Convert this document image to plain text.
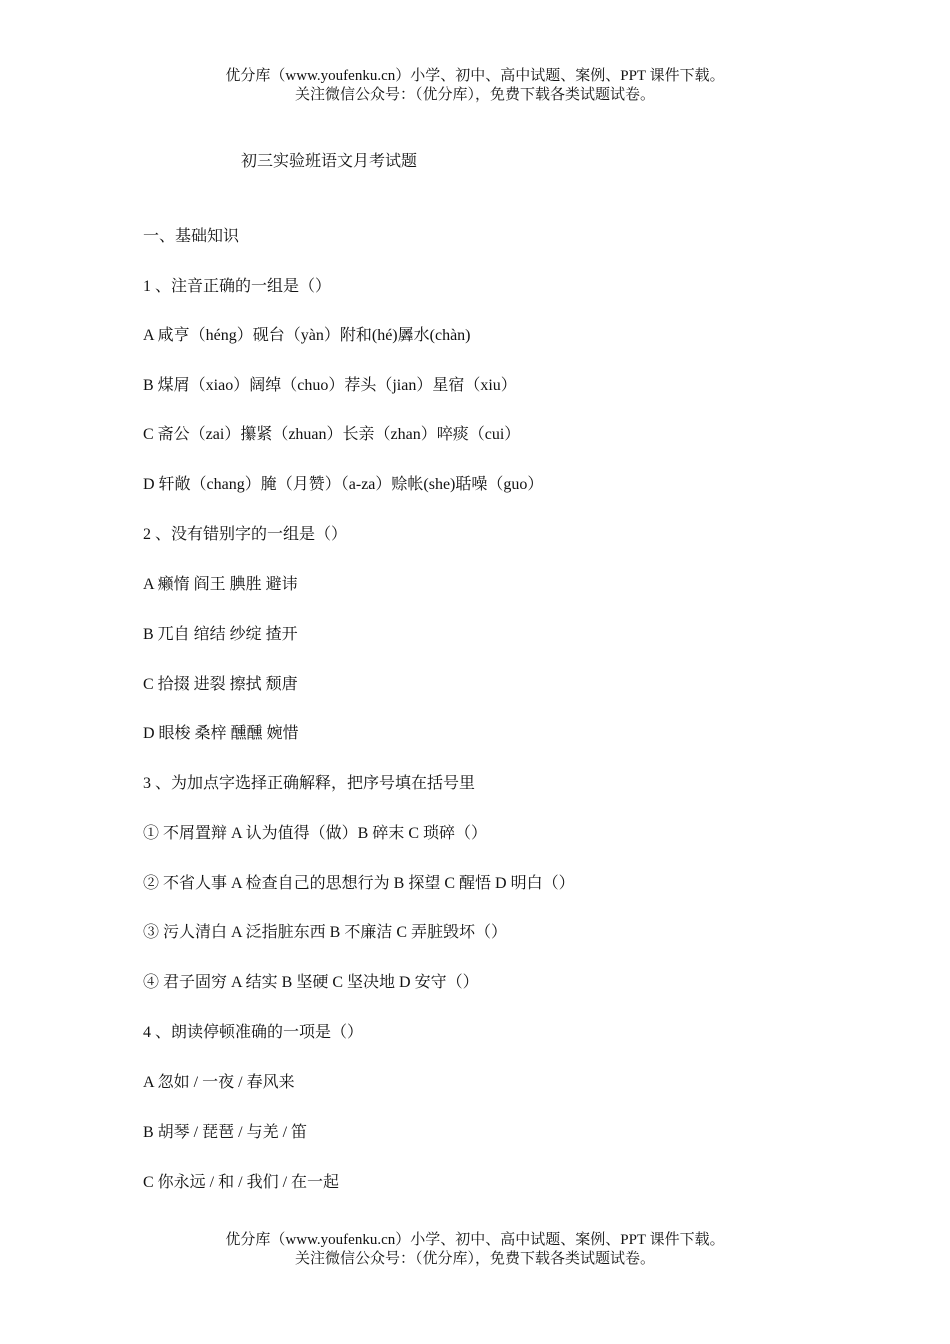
优分库（www.youfenku.cn）小学、初中、高中试题、案例、PPT 课件下载。
关注微信公众号：（优分库），免费下载各类试题试卷。
初三实验班语文月考试题
一、基础知识
1 、注音正确的一组是（）
A 咸亨（héng）砚台（yàn）附和(hé)羼水(chàn)
B 煤屑（xiao）阔绰（chuo）荐头（jian）星宿（xiu）
C 斋公（zai）攥紧（zhuan）长亲（zhan）啐痰（cui）
D 轩敞（chang）腌（月赞）（a-za）赊帐(she)聒噪（guo）
2 、没有错别字的一组是（）
A 癞惰 阎王 腆胜 避讳
B 兀自 绾结 纱绽 揸开
C 拾掇 进裂 擦拭 颓唐
D 眼梭 桑梓 醺醺 婉惜
3 、为加点字选择正确解释，把序号填在括号里
① 不屑置辩 A 认为值得（做）B 碎末 C 琐碎（）
② 不省人事 A 检查自己的思想行为 B 探望 C 醒悟 D 明白（）
③ 污人清白 A 泛指脏东西 B 不廉洁 C 弄脏毁坏（）
④ 君子固穷 A 结实 B 坚硬 C 坚决地 D 安守（）
4 、朗读停顿准确的一项是（）
A 忽如 / 一夜 / 春风来
B 胡琴 / 琵琶 / 与羌 / 笛
C 你永远 / 和 / 我们 / 在一起
优分库（www.youfenku.cn）小学、初中、高中试题、案例、PPT 课件下载。
关注微信公众号：（优分库），免费下载各类试题试卷。
